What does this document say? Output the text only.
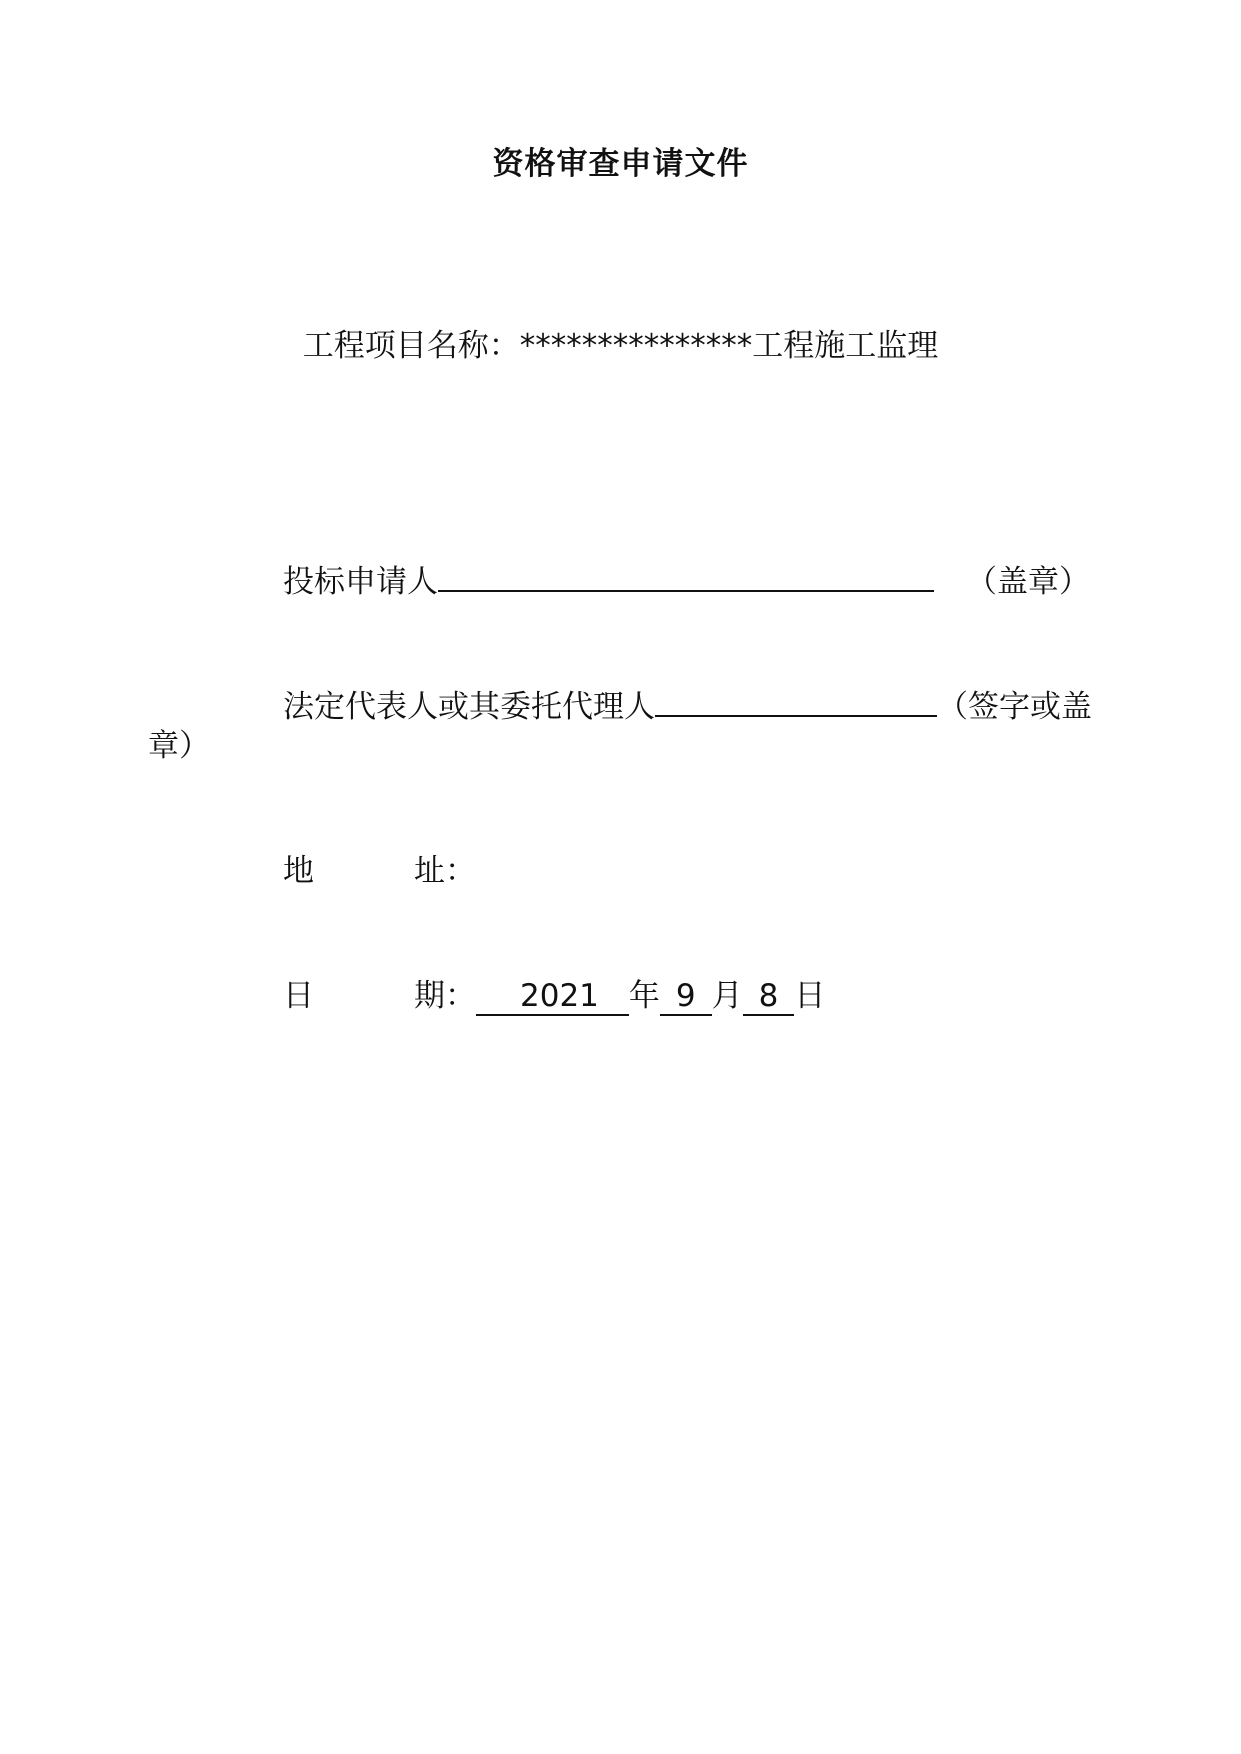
资格审查申请文件
工程项目名称：***************工程施工监理
投标申请人	（盖章）
法定代表人或其委托代理人	（签字或盖
章）
地	址：
日	期： 2021 年 9 月 8 日
